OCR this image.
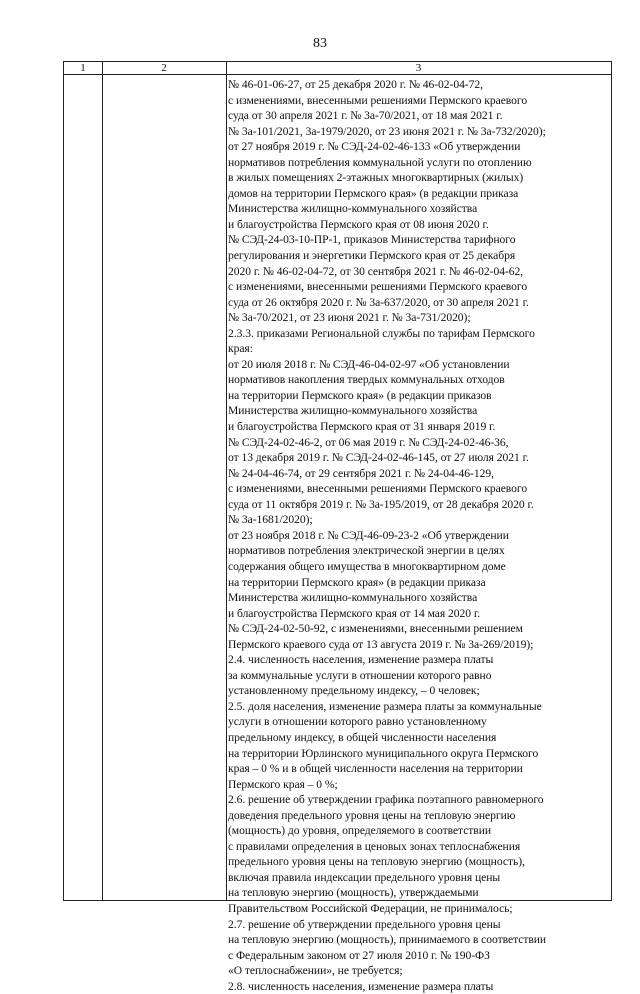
83
1	2	3
№ 46-01-06-27, от 25 декабря 2020 г. № 46-02-04-72,
с изменениями, внесенными решениями Пермского краевого
суда от 30 апреля 2021 г. № 3а-70/2021, от 18 мая 2021 г.
№ 3а-101/2021, 3а-1979/2020, от 23 июня 2021 г. № 3а-732/2020);
от 27 ноября 2019 г. № СЭД-24-02-46-133 «Об утверждении
нормативов потребления коммунальной услуги по отоплению
в жилых помещениях 2-этажных многоквартирных (жилых)
домов на территории Пермского края» (в редакции приказа
Министерства жилищно-коммунального хозяйства
и благоустройства Пермского края от 08 июня 2020 г.
№ СЭД-24-03-10-ПР-1, приказов Министерства тарифного
регулирования и энергетики Пермского края от 25 декабря
2020 г. № 46-02-04-72, от 30 сентября 2021 г. № 46-02-04-62,
с изменениями, внесенными решениями Пермского краевого
суда от 26 октября 2020 г. № 3а-637/2020, от 30 апреля 2021 г.
№ 3а-70/2021, от 23 июня 2021 г. № 3а-731/2020);
2.3.3. приказами Региональной службы по тарифам Пермского
края:
от 20 июля 2018 г. № СЭД-46-04-02-97 «Об установлении
нормативов накопления твердых коммунальных отходов
на территории Пермского края» (в редакции приказов
Министерства жилищно-коммунального хозяйства
и благоустройства Пермского края от 31 января 2019 г.
№ СЭД-24-02-46-2, от 06 мая 2019 г. № СЭД-24-02-46-36,
от 13 декабря 2019 г. № СЭД-24-02-46-145, от 27 июля 2021 г.
№ 24-04-46-74, от 29 сентября 2021 г. № 24-04-46-129,
с изменениями, внесенными решениями Пермского краевого
суда от 11 октября 2019 г. № 3а-195/2019, от 28 декабря 2020 г.
№ 3а-1681/2020);
от 23 ноября 2018 г. № СЭД-46-09-23-2 «Об утверждении
нормативов потребления электрической энергии в целях
содержания общего имущества в многоквартирном доме
на территории Пермского края» (в редакции приказа
Министерства жилищно-коммунального хозяйства
и благоустройства Пермского края от 14 мая 2020 г.
№ СЭД-24-02-50-92, с изменениями, внесенными решением
Пермского краевого суда от 13 августа 2019 г. № 3а-269/2019);
2.4. численность населения, изменение размера платы
за коммунальные услуги в отношении которого равно
установленному предельному индексу, – 0 человек;
2.5. доля населения, изменение размера платы за коммунальные
услуги в отношении которого равно установленному
предельному индексу, в общей численности населения
на территории Юрлинского муниципального округа Пермского
края – 0 % и в общей численности населения на территории
Пермского края – 0 %;
2.6. решение об утверждении графика поэтапного равномерного
доведения предельного уровня цены на тепловую энергию
(мощность) до уровня, определяемого в соответствии
с правилами определения в ценовых зонах теплоснабжения
предельного уровня цены на тепловую энергию (мощность),
включая правила индексации предельного уровня цены
на тепловую энергию (мощность), утверждаемыми
Правительством Российской Федерации, не принималось;
2.7. решение об утверждении предельного уровня цены
на тепловую энергию (мощность), принимаемого в соответствии
с Федеральным законом от 27 июля 2010 г. № 190-ФЗ
«О теплоснабжении», не требуется;
2.8. численность населения, изменение размера платы
